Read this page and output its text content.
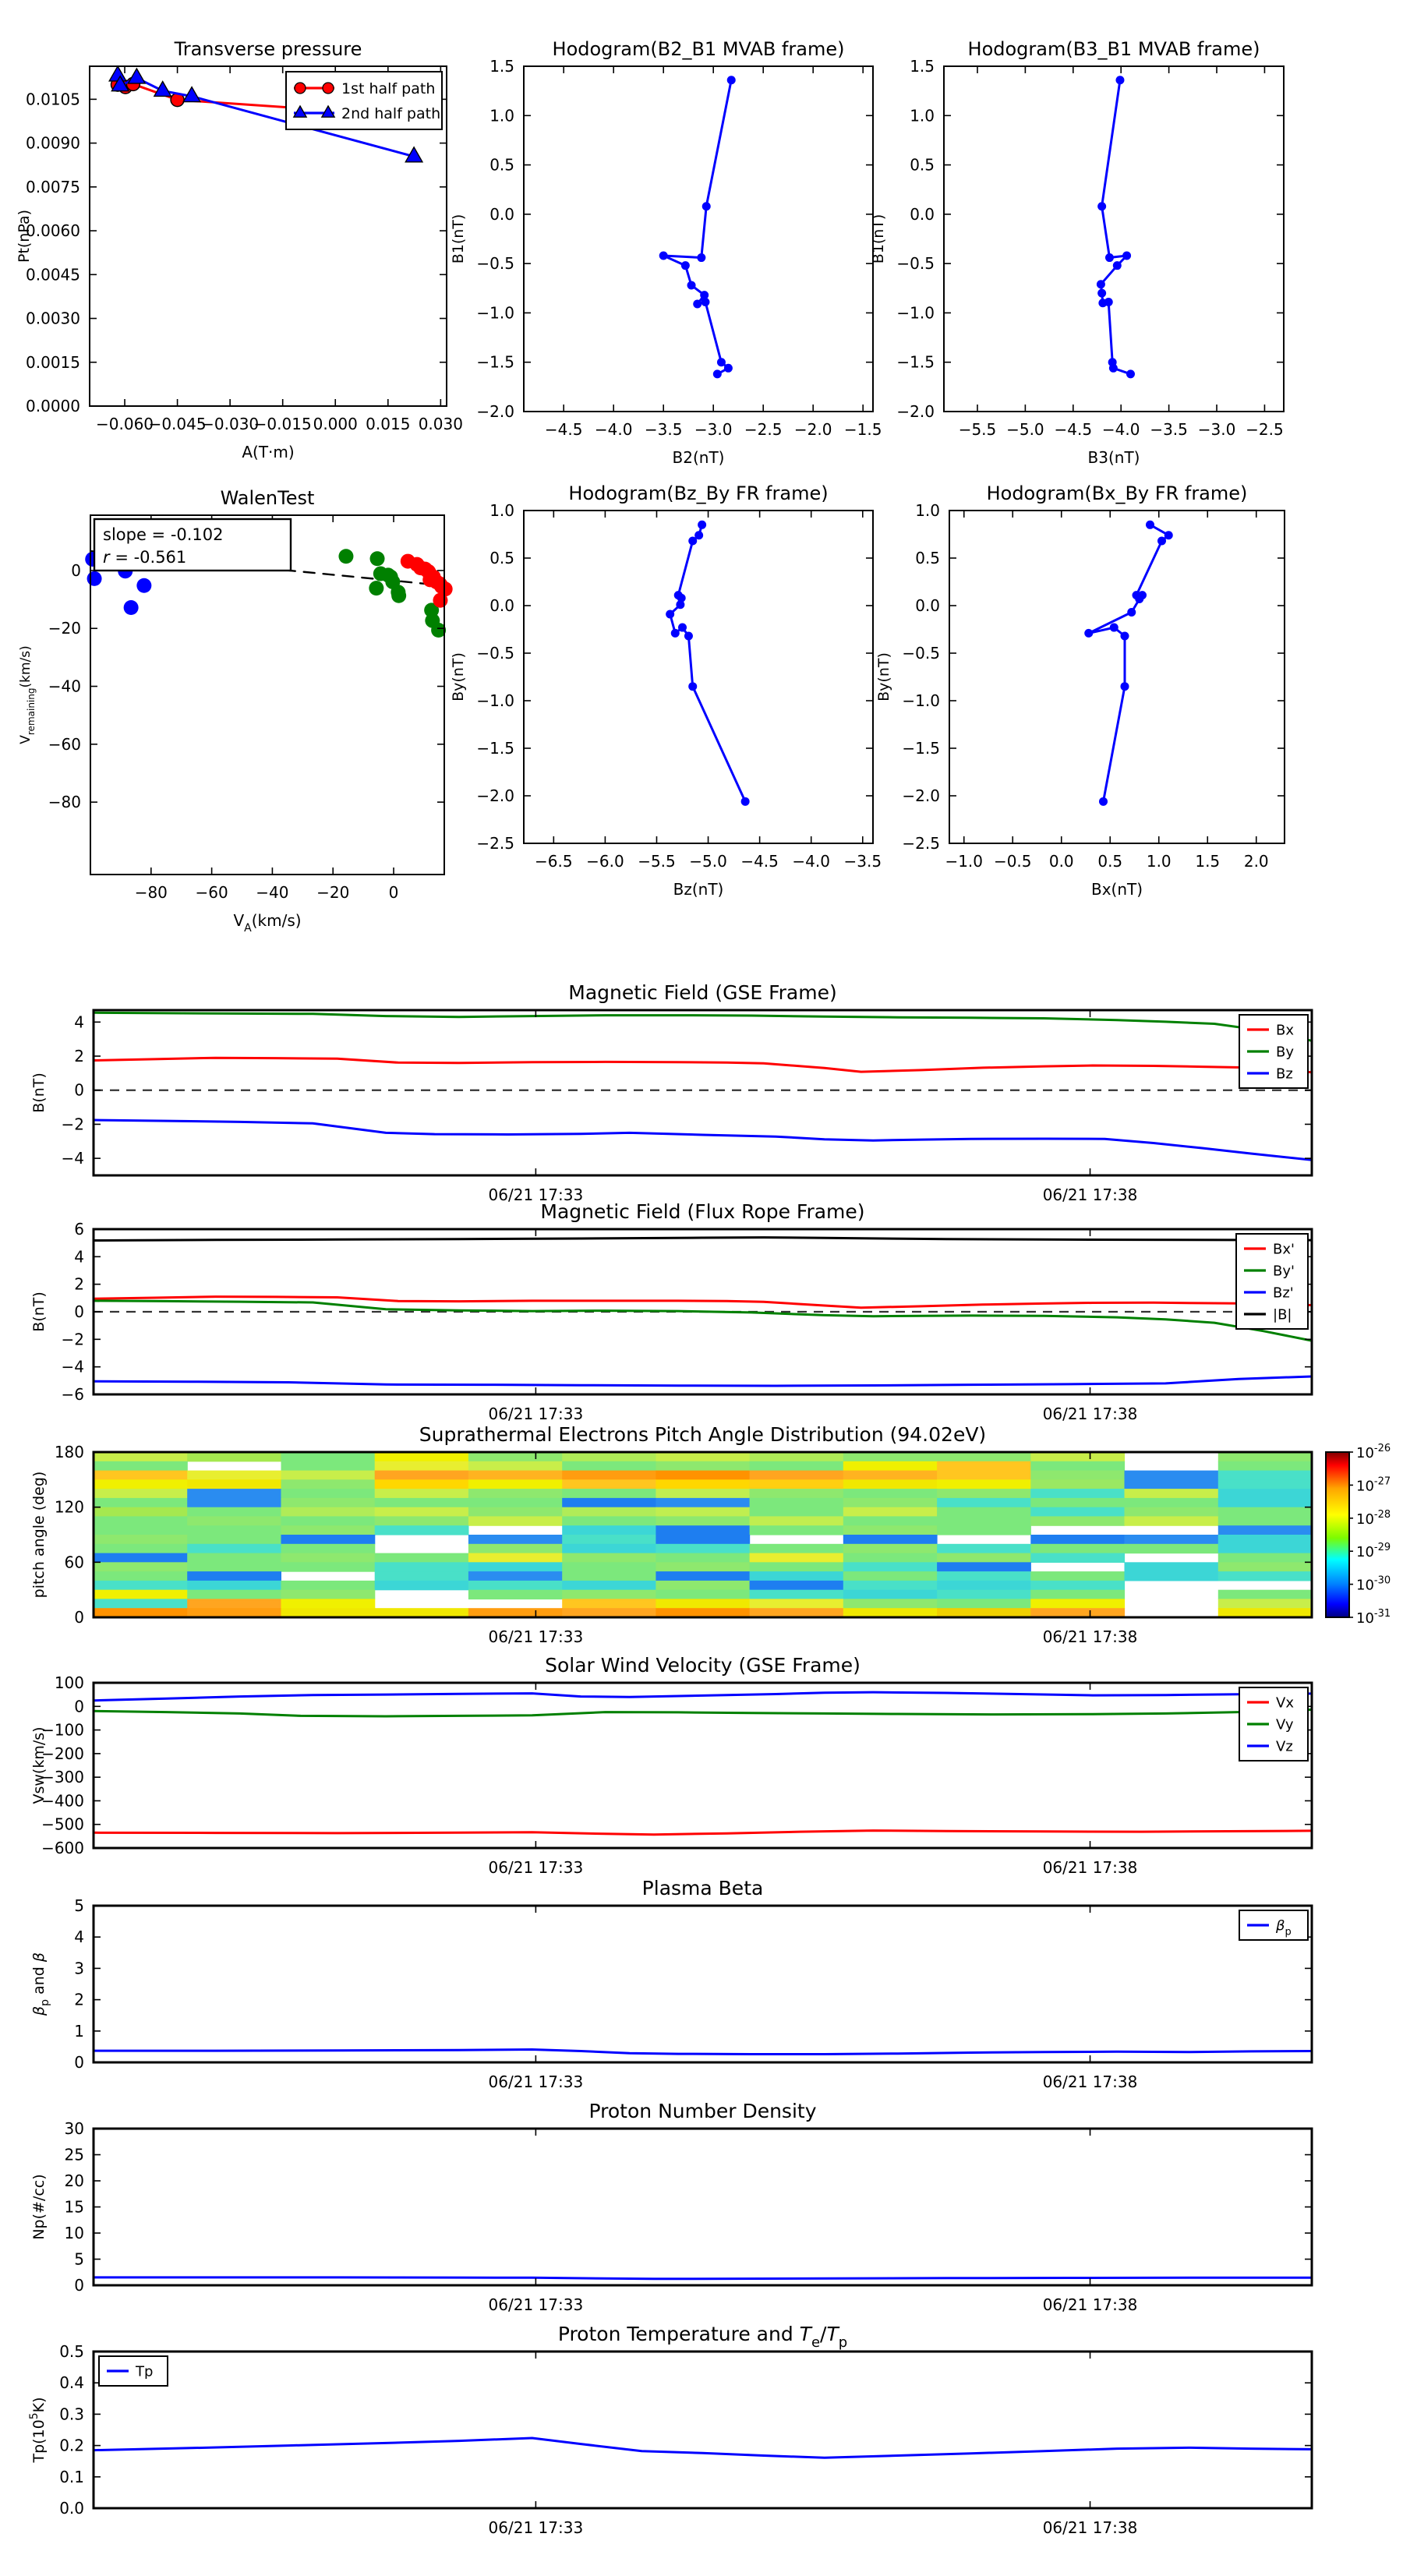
−0.060
−0.045
−0.030
−0.015 0.000 0.015 0.030
0.0000
0.0015
0.0030
0.0045
0.0060
0.0075
0.0090
0.0105
Transverse pressure
A(T·m)
Pt(nPa)
1st half path
2nd half path
−4.5 −4.0 −3.5 −3.0 −2.5 −2.0 −1.5
−2.0
−1.5
−1.0
−0.5
0.0
0.5
1.0
1.5
Hodogram(B2_B1 MVAB frame)
B2(nT)
B1(nT)
−5.5 −5.0 −4.5 −4.0 −3.5 −3.0 −2.5
−2.0
−1.5
−1.0
−0.5
0.0
0.5
1.0
1.5
Hodogram(B3_B1 MVAB frame)
B3(nT)
B1(nT)
−80 −60 −40 −20	0
−80
−60
−40
−20
0
WalenTest
$V_A(km/s)$
$V_{remaining}(km/s)$
slope = -0.102
r = -0.561
−6.5 −6.0 −5.5 −5.0 −4.5 −4.0 −3.5
−2.5
−2.0
−1.5
−1.0
−0.5
0.0
0.5
1.0
Hodogram(Bz_By FR frame)
Bz(nT)
By(nT)
−1.0 −0.5 0.0 0.5 1.0 1.5 2.0
−2.5
−2.0
−1.5
−1.0
−0.5
0.0
0.5
1.0
Hodogram(Bx_By FR frame)
Bx(nT)
By(nT)
06/21 17:33	06/21 17:38
−4
−2
0
2
4
Magnetic Field (GSE Frame)
B(nT)
Bx
By
Bz
06/21 17:33	06/21 17:38
−6
−4
−2
0
2
4
6
Magnetic Field (Flux Rope Frame)
B(nT)
Bx'
By'
Bz'
|B|
06/21 17:33	06/21 17:38
0
60
120
180
Suprathermal Electrons Pitch Angle Distribution (94.02eV)
pitch angle (deg)
$10^{-26}$
$10^{-27}$
$10^{-28}$
$10^{-29}$
$10^{-30}$
$10^{-31}$
06/21 17:33	06/21 17:38
−600
−500
−400
−300
−200
−100
0
100
Solar Wind Velocity (GSE Frame)
Vsw(km/s)
Vx
Vy
Vz
06/21 17:33	06/21 17:38
0
1
2
3
4
5
Plasma Beta
$\beta_p$ and β
$\beta_p$
06/21 17:33	06/21 17:38
0
5
10
15
20
25
30
Proton Number Density
Np(#/cc)
06/21 17:33	06/21 17:38
0.0
0.1
0.2
0.3
0.4
0.5
Proton Temperature and $T_e/T_p$
$Tp(10^5K)$
Tp
